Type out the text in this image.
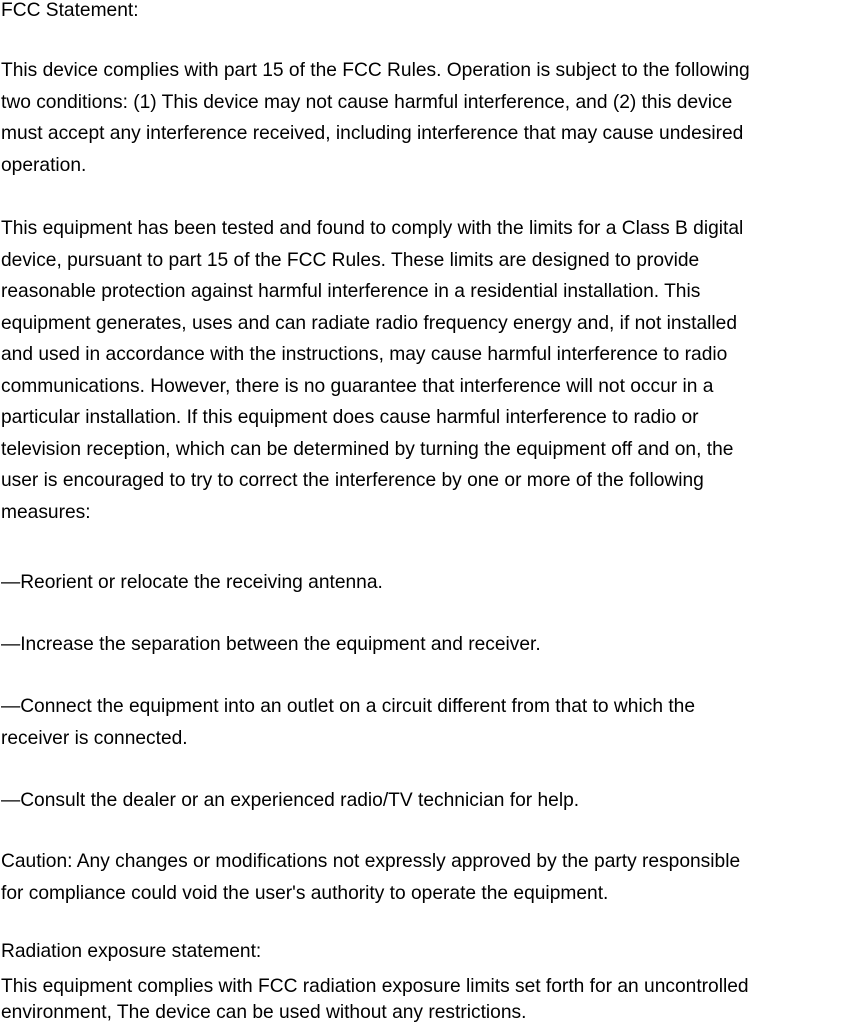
FCC Statement:

This device complies with part 15 of the FCC Rules. Operation is subject to the following
two conditions: (1) This device may not cause harmful interference, and (2) this device
must accept any interference received, including interference that may cause undesired
operation.

This equipment has been tested and found to comply with the limits for a Class B digital
device, pursuant to part 15 of the FCC Rules. These limits are designed to provide
reasonable protection against harmful interference in a residential installation. This
equipment generates, uses and can radiate radio frequency energy and, if not installed
and used in accordance with the instructions, may cause harmful interference to radio
communications. However, there is no guarantee that interference will not occur in a
particular installation. If this equipment does cause harmful interference to radio or
television reception, which can be determined by turning the equipment off and on, the
user is encouraged to try to correct the interference by one or more of the following
measures:

—Reorient or relocate the receiving antenna.

—Increase the separation between the equipment and receiver.

—Connect the equipment into an outlet on a circuit different from that to which the
receiver is connected.

—Consult the dealer or an experienced radio/TV technician for help.

Caution: Any changes or modifications not expressly approved by the party responsible
for compliance could void the user's authority to operate the equipment.

Radiation exposure statement:

This equipment complies with FCC radiation exposure limits set forth for an uncontrolled
environment, The device can be used without any restrictions.
